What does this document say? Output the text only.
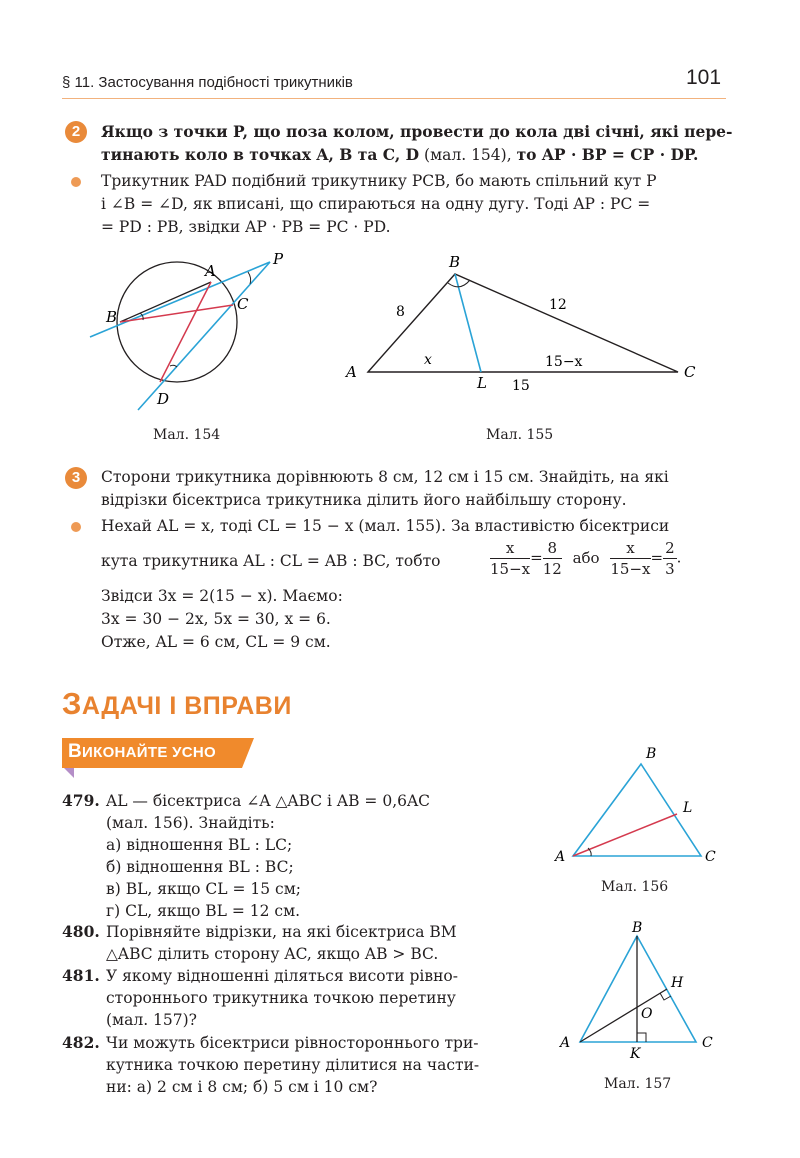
§ 11. Застосування подібності трикутників	101
2	Якщо з точки P, що поза колом, провести до кола дві січні, які пере-
тинають коло в точках A, B та C, D (мал. 154), то AP · BP = CP · DP.
Трикутник PAD подібний трикутнику PCB, бо мають спільний кут P
і ∠B = ∠D, як вписані, що спираються на одну дугу. Тоді AP : PC =
= PD : PB, звідки AP · PB = PC · PD.
A
B
C
D
P
Мал. 154
B
A	C
L
8	12
x	15−x
15
Мал. 155
3	Сторони трикутника дорівнюють 8 см, 12 см і 15 см. Знайдіть, на які
відрізки бісектриса трикутника ділить його найбільшу сторону.
Нехай AL = x, тоді CL = 15 − x (мал. 155). За властивістю бісектриси
кута трикутника AL : CL = AB : BC, тобто	$\frac{x}{15-x} = \frac{8}{12}$ або $\frac{x}{15-x} = \frac{2}{3}$ .
Звідси 3x = 2(15 − x). Маємо:
3x = 30 − 2x, 5x = 30, x = 6.
Отже, AL = 6 см, CL = 9 см.
ЗАДАЧІ І ВПРАВИ
ВИКОНАЙТЕ УСНО
479. AL — бісектриса ∠A △ABC і AB = 0,6AC
(мал. 156). Знайдіть:
а) відношення BL : LC;
б) відношення BL : BC;
в) BL, якщо CL = 15 см;
г) CL, якщо BL = 12 см.
480. Порівняйте відрізки, на які бісектриса BM
△ABC ділить сторону AC, якщо AB > BC.
481. У якому відношенні діляться висоти рівно-
стороннього трикутника точкою перетину
(мал. 157)?
482. Чи можуть бісектриси рівностороннього три-
кутника точкою перетину ділитися на части-
ни: а) 2 см і 8 см; б) 5 см і 10 см?
B
A	C
L
Мал. 156
B
A	C
H
O
K
Мал. 157
